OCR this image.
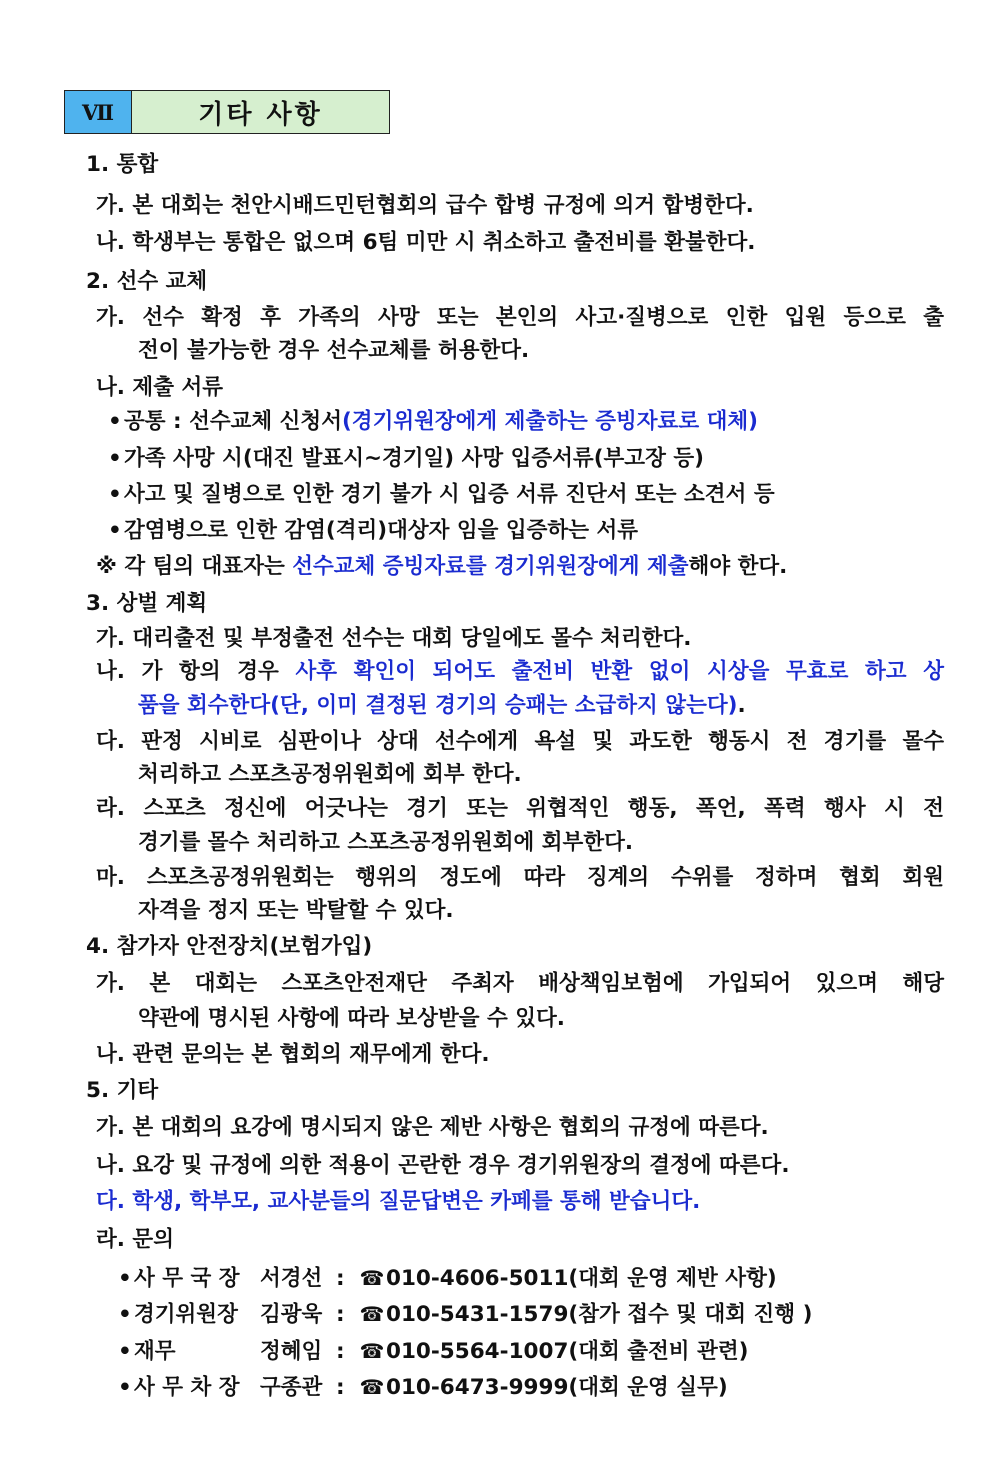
Ⅶ	기타 사항
1. 통합
가. 본 대회는 천안시배드민턴협회의 급수 합병 규정에 의거 합병한다.
나. 학생부는 통합은 없으며 6팀 미만 시 취소하고 출전비를 환불한다.
2. 선수 교체
가. 선수 확정 후 가족의 사망 또는 본인의 사고·질병으로 인한 입원 등으로 출
전이 불가능한 경우 선수교체를 허용한다.
나. 제출 서류
• 공통 : 선수교체 신청서(경기위원장에게 제출하는 증빙자료로 대체)
• 가족 사망 시(대진 발표시~경기일) 사망 입증서류(부고장 등)
• 사고 및 질병으로 인한 경기 불가 시 입증 서류 진단서 또는 소견서 등
• 감염병으로 인한 감염(격리)대상자 임을 입증하는 서류
※ 각 팀의 대표자는 선수교체 증빙자료를 경기위원장에게 제출해야 한다.
3. 상벌 계획
가. 대리출전 및 부정출전 선수는 대회 당일에도 몰수 처리한다.
나. 가 항의 경우 사후 확인이 되어도 출전비 반환 없이 시상을 무효로 하고 상
품을 회수한다(단, 이미 결정된 경기의 승패는 소급하지 않는다).
다. 판정 시비로 심판이나 상대 선수에게 욕설 및 과도한 행동시 전 경기를 몰수
처리하고 스포츠공정위원회에 회부 한다.
라. 스포츠 정신에 어긋나는 경기 또는 위협적인 행동, 폭언, 폭력 행사 시 전
경기를 몰수 처리하고 스포츠공정위원회에 회부한다.
마. 스포츠공정위원회는 행위의 정도에 따라 징계의 수위를 정하며 협회 회원
자격을 정지 또는 박탈할 수 있다.
4. 참가자 안전장치(보험가입)
가. 본 대회는 스포츠안전재단 주최자 배상책임보험에 가입되어 있으며 해당
약관에 명시된 사항에 따라 보상받을 수 있다.
나. 관련 문의는 본 협회의 재무에게 한다.
5. 기타
가. 본 대회의 요강에 명시되지 않은 제반 사항은 협회의 규정에 따른다.
나. 요강 및 규정에 의한 적용이 곤란한 경우 경기위원장의 결정에 따른다.
다. 학생, 학부모, 교사분들의 질문답변은 카페를 통해 받습니다.
라. 문의
• 사 무 국 장 서경선 : ☎010-4606-5011(대회 운영 제반 사항)
• 경기위원장 김광욱 : ☎010-5431-1579(참가 접수 및 대회 진행 )
• 재무	정혜임 : ☎010-5564-1007(대회 출전비 관련)
• 사 무 차 장 구종관 : ☎010-6473-9999(대회 운영 실무)
